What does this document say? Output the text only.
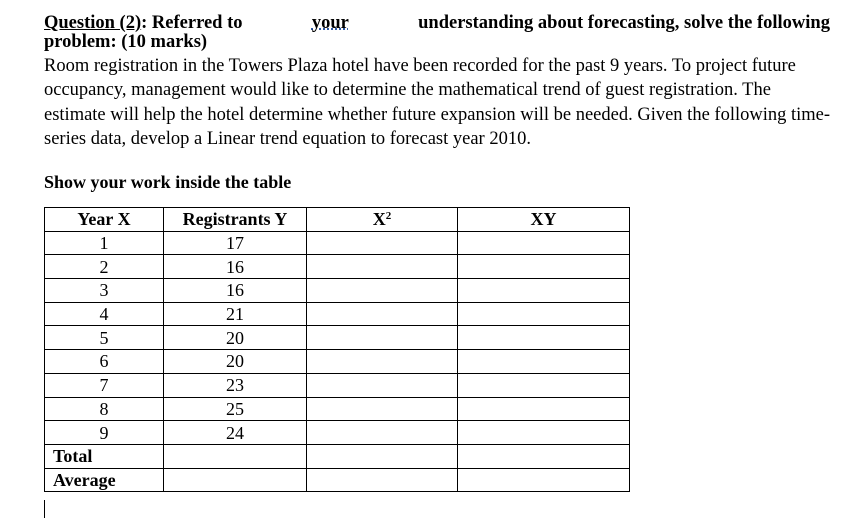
Question (2): Referred to	your	understanding about forecasting, solve the following

problem: (10 marks)

Room registration in the Towers Plaza hotel have been recorded for the past 9 years. To project future occupancy, management would like to determine the mathematical trend of guest registration. The estimate will help the hotel determine whether future expansion will be needed. Given the following time-series data, develop a Linear trend equation to forecast year 2010.

Show your work inside the table

Year X	Registrants Y	$X^2$	XY
1	17		
2	16		
3	16		
4	21		
5	20		
6	20		
7	23		
8	25		
9	24		
Total			
Average			
